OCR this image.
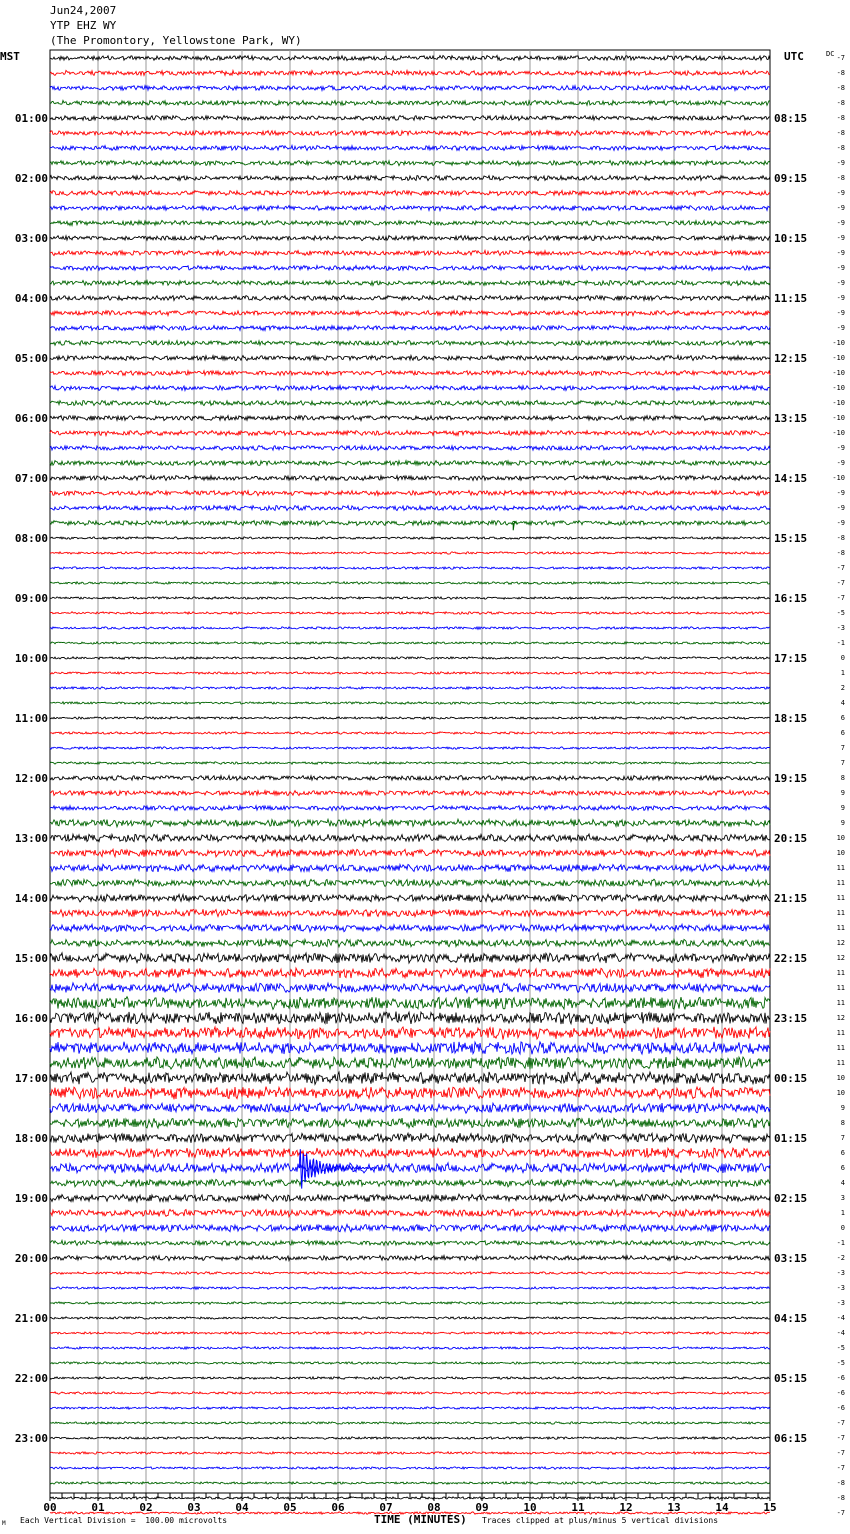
Jun24,2007
YTP EHZ WY
(The Promontory, Yellowstone Park, WY)
MST	UTC	DC
00	01	02	03	04	05	06	07	08	09	10	11	12	13	14	15
-7
-8
-8
-8
-8
-8
-8
-9
-8
-9
-9
-9
-9
-9
-9
-9
-9
-9
-9
-10
-10
-10
-10
-10
-10
-10
-9
-9
-10
-9
-9
-9
-8
-8
-7
-7
-7
-5
-3
-1
0
1
2
4
6
6
7
7
8
9
9
9
10
10
11
11
11
11
11
12
12
11
11
11
12
11
11
11
10
10
9
8
7
6
6
4
3
1
0
-1
-2
-3
-3
-3
-4
-4
-5
-5
-6
-6
-6
-7
-7
-7
-7
-8
-8
-7
01:00
02:00
03:00
04:00
05:00
06:00
07:00
08:00
09:00
10:00
11:00
12:00
13:00
14:00
15:00
16:00
17:00
18:00
19:00
20:00
21:00
22:00
23:00
08:15
09:15
10:15
11:15
12:15
13:15
14:15
15:15
16:15
17:15
18:15
19:15
20:15
21:15
22:15
23:15
00:15
01:15
02:15
03:15
04:15
05:15
06:15
TIME (MINUTES)
M Each Vertical Division =  100.00 microvolts	Traces clipped at plus/minus 5 vertical divisions
